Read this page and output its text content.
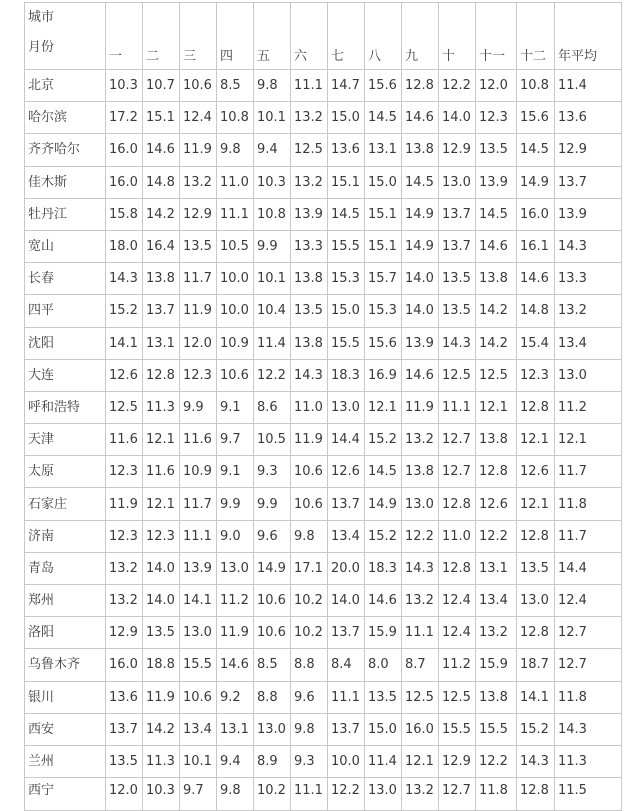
城市
月份	一	二	三	四	五	六	七	八	九	十	十一	十二	年平均
北京	10.3	10.7	10.6	8.5	9.8	11.1	14.7	15.6	12.8	12.2	12.0	10.8	11.4
哈尔滨	17.2	15.1	12.4	10.8	10.1	13.2	15.0	14.5	14.6	14.0	12.3	15.6	13.6
齐齐哈尔	16.0	14.6	11.9	9.8	9.4	12.5	13.6	13.1	13.8	12.9	13.5	14.5	12.9
佳木斯	16.0	14.8	13.2	11.0	10.3	13.2	15.1	15.0	14.5	13.0	13.9	14.9	13.7
牡丹江	15.8	14.2	12.9	11.1	10.8	13.9	14.5	15.1	14.9	13.7	14.5	16.0	13.9
宽山	18.0	16.4	13.5	10.5	9.9	13.3	15.5	15.1	14.9	13.7	14.6	16.1	14.3
长春	14.3	13.8	11.7	10.0	10.1	13.8	15.3	15.7	14.0	13.5	13.8	14.6	13.3
四平	15.2	13.7	11.9	10.0	10.4	13.5	15.0	15.3	14.0	13.5	14.2	14.8	13.2
沈阳	14.1	13.1	12.0	10.9	11.4	13.8	15.5	15.6	13.9	14.3	14.2	15.4	13.4
大连	12.6	12.8	12.3	10.6	12.2	14.3	18.3	16.9	14.6	12.5	12.5	12.3	13.0
呼和浩特	12.5	11.3	9.9	9.1	8.6	11.0	13.0	12.1	11.9	11.1	12.1	12.8	11.2
天津	11.6	12.1	11.6	9.7	10.5	11.9	14.4	15.2	13.2	12.7	13.8	12.1	12.1
太原	12.3	11.6	10.9	9.1	9.3	10.6	12.6	14.5	13.8	12.7	12.8	12.6	11.7
石家庄	11.9	12.1	11.7	9.9	9.9	10.6	13.7	14.9	13.0	12.8	12.6	12.1	11.8
济南	12.3	12.3	11.1	9.0	9.6	9.8	13.4	15.2	12.2	11.0	12.2	12.8	11.7
青岛	13.2	14.0	13.9	13.0	14.9	17.1	20.0	18.3	14.3	12.8	13.1	13.5	14.4
郑州	13.2	14.0	14.1	11.2	10.6	10.2	14.0	14.6	13.2	12.4	13.4	13.0	12.4
洛阳	12.9	13.5	13.0	11.9	10.6	10.2	13.7	15.9	11.1	12.4	13.2	12.8	12.7
乌鲁木齐	16.0	18.8	15.5	14.6	8.5	8.8	8.4	8.0	8.7	11.2	15.9	18.7	12.7
银川	13.6	11.9	10.6	9.2	8.8	9.6	11.1	13.5	12.5	12.5	13.8	14.1	11.8
西安	13.7	14.2	13.4	13.1	13.0	9.8	13.7	15.0	16.0	15.5	15.5	15.2	14.3
兰州	13.5	11.3	10.1	9.4	8.9	9.3	10.0	11.4	12.1	12.9	12.2	14.3	11.3
西宁	12.0	10.3	9.7	9.8	10.2	11.1	12.2	13.0	13.2	12.7	11.8	12.8	11.5
